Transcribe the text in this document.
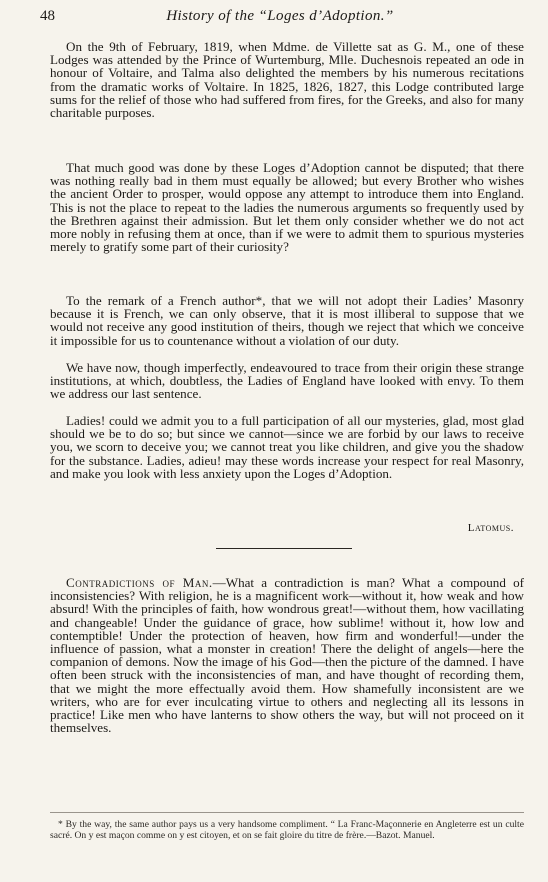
48	History of the “Loges d’Adoption.”

On the 9th of February, 1819, when Mdme. de Villette sat as G. M., one of these Lodges was attended by the Prince of Wurtemburg, Mlle. Duchesnois repeated an ode in honour of Voltaire, and Talma also delighted the members by his numerous recitations from the dramatic works of Voltaire. In 1825, 1826, 1827, this Lodge contributed large sums for the relief of those who had suffered from fires, for the Greeks, and also for many charitable purposes.

That much good was done by these Loges d’Adoption cannot be disputed; that there was nothing really bad in them must equally be allowed; but every Brother who wishes the ancient Order to prosper, would oppose any attempt to introduce them into England. This is not the place to repeat to the ladies the numerous arguments so frequently used by the Brethren against their admission. But let them only consider whether we do not act more nobly in refusing them at once, than if we were to admit them to spurious mysteries merely to gratify some part of their curiosity?

To the remark of a French author*, that we will not adopt their Ladies’ Masonry because it is French, we can only observe, that it is most illiberal to suppose that we would not receive any good institution of theirs, though we reject that which we conceive it impossible for us to countenance without a violation of our duty.

We have now, though imperfectly, endeavoured to trace from their origin these strange institutions, at which, doubtless, the Ladies of England have looked with envy. To them we address our last sentence.

Ladies! could we admit you to a full participation of all our mysteries, glad, most glad should we be to do so; but since we cannot—since we are forbid by our laws to receive you, we scorn to deceive you; we cannot treat you like children, and give you the shadow for the substance. Ladies, adieu! may these words increase your respect for real Masonry, and make you look with less anxiety upon the Loges d’Adoption.

Latomus.

Contradictions of Man.—What a contradiction is man? What a compound of inconsistencies? With religion, he is a magnificent work—without it, how weak and how absurd! With the principles of faith, how wondrous great!—without them, how vacillating and changeable! Under the guidance of grace, how sublime! without it, how low and contemptible! Under the protection of heaven, how firm and wonderful!—under the influence of passion, what a monster in creation! There the delight of angels—here the companion of demons. Now the image of his God—then the picture of the damned. I have often been struck with the inconsistencies of man, and have thought of recording them, that we might the more effectually avoid them. How shamefully inconsistent are we writers, who are for ever inculcating virtue to others and neglecting all its lessons in practice! Like men who have lanterns to show others the way, but will not proceed on it themselves.

* By the way, the same author pays us a very handsome compliment. “ La Franc-Maçonnerie en Angleterre est un culte sacré. On y est maçon comme on y est citoyen, et on se fait gloire du titre de frère.—Bazot. Manuel.
